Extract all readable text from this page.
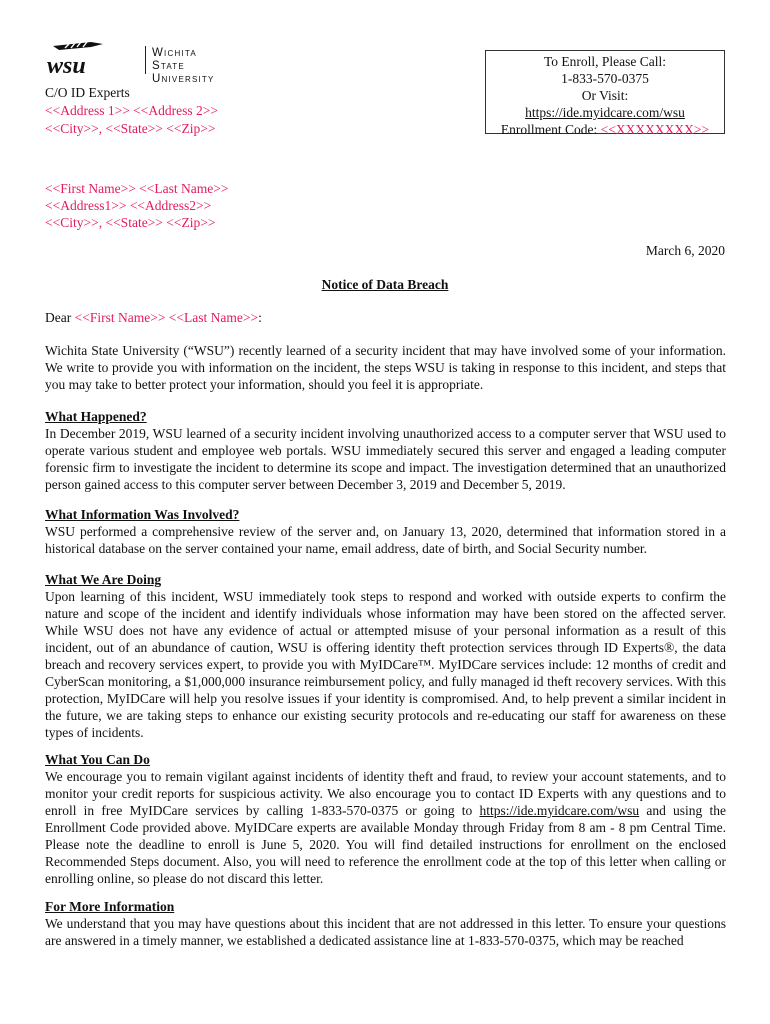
wsu	Wichita State
University
C/O ID Experts
<<Address 1>> <<Address 2>>
<<City>>, <<State>> <<Zip>>
To Enroll, Please Call:
1-833-570-0375
Or Visit:
https://ide.myidcare.com/wsu
Enrollment Code: <<XXXXXXXX>>
<<First Name>> <<Last Name>>
<<Address1>> <<Address2>>
<<City>>, <<State>> <<Zip>>
March 6, 2020
Notice of Data Breach
Dear <<First Name>> <<Last Name>>:

Wichita State University (“WSU”) recently learned of a security incident that may have involved some of your information. We write to provide you with information on the incident, the steps WSU is taking in response to this incident, and steps that you may take to better protect your information, should you feel it is appropriate.

What Happened?

In December 2019, WSU learned of a security incident involving unauthorized access to a computer server that WSU used to operate various student and employee web portals. WSU immediately secured this server and engaged a leading computer forensic firm to investigate the incident to determine its scope and impact. The investigation determined that an unauthorized person gained access to this computer server between December 3, 2019 and December 5, 2019.

What Information Was Involved?

WSU performed a comprehensive review of the server and, on January 13, 2020, determined that information stored in a historical database on the server contained your name, email address, date of birth, and Social Security number.

What We Are Doing

Upon learning of this incident, WSU immediately took steps to respond and worked with outside experts to confirm the nature and scope of the incident and identify individuals whose information may have been stored on the affected server. While WSU does not have any evidence of actual or attempted misuse of your personal information as a result of this incident, out of an abundance of caution, WSU is offering identity theft protection services through ID Experts®, the data breach and recovery services expert, to provide you with MyIDCare™. MyIDCare services include: 12 months of credit and CyberScan monitoring, a $1,000,000 insurance reimbursement policy, and fully managed id theft recovery services. With this protection, MyIDCare will help you resolve issues if your identity is compromised. And, to help prevent a similar incident in the future, we are taking steps to enhance our existing security protocols and re-educating our staff for awareness on these types of incidents.

What You Can Do

We encourage you to remain vigilant against incidents of identity theft and fraud, to review your account statements, and to monitor your credit reports for suspicious activity. We also encourage you to contact ID Experts with any questions and to enroll in free MyIDCare services by calling 1-833-570-0375 or going to https://ide.myidcare.com/wsu and using the Enrollment Code provided above. MyIDCare experts are available Monday through Friday from 8 am - 8 pm Central Time. Please note the deadline to enroll is June 5, 2020. You will find detailed instructions for enrollment on the enclosed Recommended Steps document. Also, you will need to reference the enrollment code at the top of this letter when calling or enrolling online, so please do not discard this letter.

For More Information

We understand that you may have questions about this incident that are not addressed in this letter. To ensure your questions are answered in a timely manner, we established a dedicated assistance line at 1-833-570-0375, which may be reached
